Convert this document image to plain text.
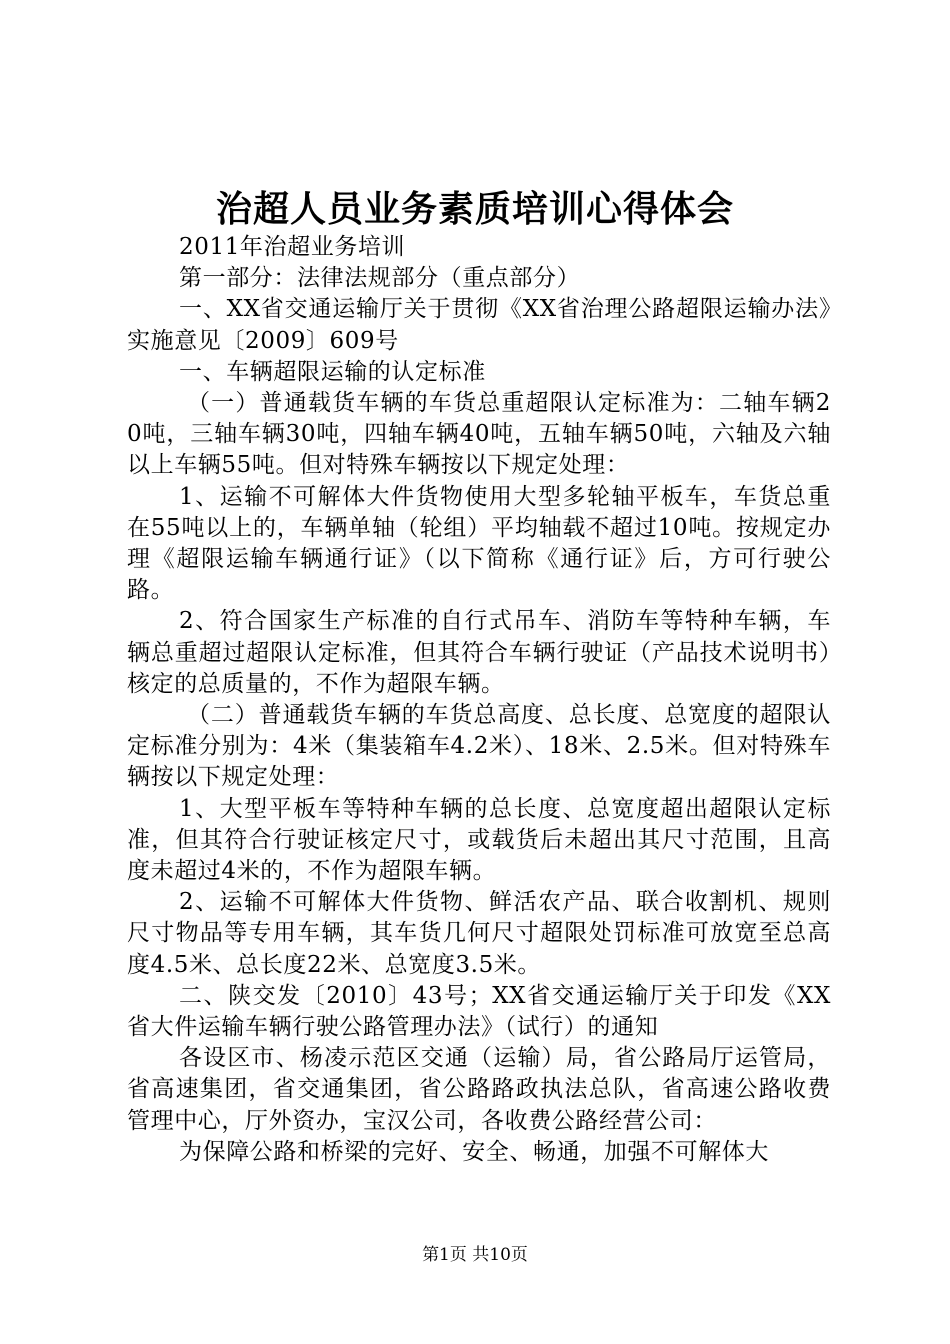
治超人员业务素质培训心得体会

2011年治超业务培训

第一部分：法律法规部分（重点部分）

一、XX省交通运输厅关于贯彻《XX省治理公路超限运输办法》实施意见〔2009〕609号

一、车辆超限运输的认定标准

（一）普通载货车辆的车货总重超限认定标准为：二轴车辆20吨，三轴车辆30吨，四轴车辆40吨，五轴车辆50吨，六轴及六轴以上车辆55吨。但对特殊车辆按以下规定处理：

1、运输不可解体大件货物使用大型多轮轴平板车，车货总重在55吨以上的，车辆单轴（轮组）平均轴载不超过10吨。按规定办理《超限运输车辆通行证》（以下简称《通行证》后，方可行驶公路。

2、符合国家生产标准的自行式吊车、消防车等特种车辆，车辆总重超过超限认定标准，但其符合车辆行驶证（产品技术说明书）核定的总质量的，不作为超限车辆。

（二）普通载货车辆的车货总高度、总长度、总宽度的超限认定标准分别为：4米（集装箱车4.2米）、18米、2.5米。但对特殊车辆按以下规定处理：

1、大型平板车等特种车辆的总长度、总宽度超出超限认定标准，但其符合行驶证核定尺寸，或载货后未超出其尺寸范围，且高度未超过4米的，不作为超限车辆。

2、运输不可解体大件货物、鲜活农产品、联合收割机、规则尺寸物品等专用车辆，其车货几何尺寸超限处罚标准可放宽至总高度4.5米、总长度22米、总宽度3.5米。

二、陕交发〔2010〕43号；XX省交通运输厅关于印发《XX省大件运输车辆行驶公路管理办法》（试行）的通知

各设区市、杨凌示范区交通（运输）局，省公路局厅运管局，省高速集团，省交通集团，省公路路政执法总队，省高速公路收费管理中心，厅外资办，宝汉公司，各收费公路经营公司：

为保障公路和桥梁的完好、安全、畅通，加强不可解体大

第1页 共10页
